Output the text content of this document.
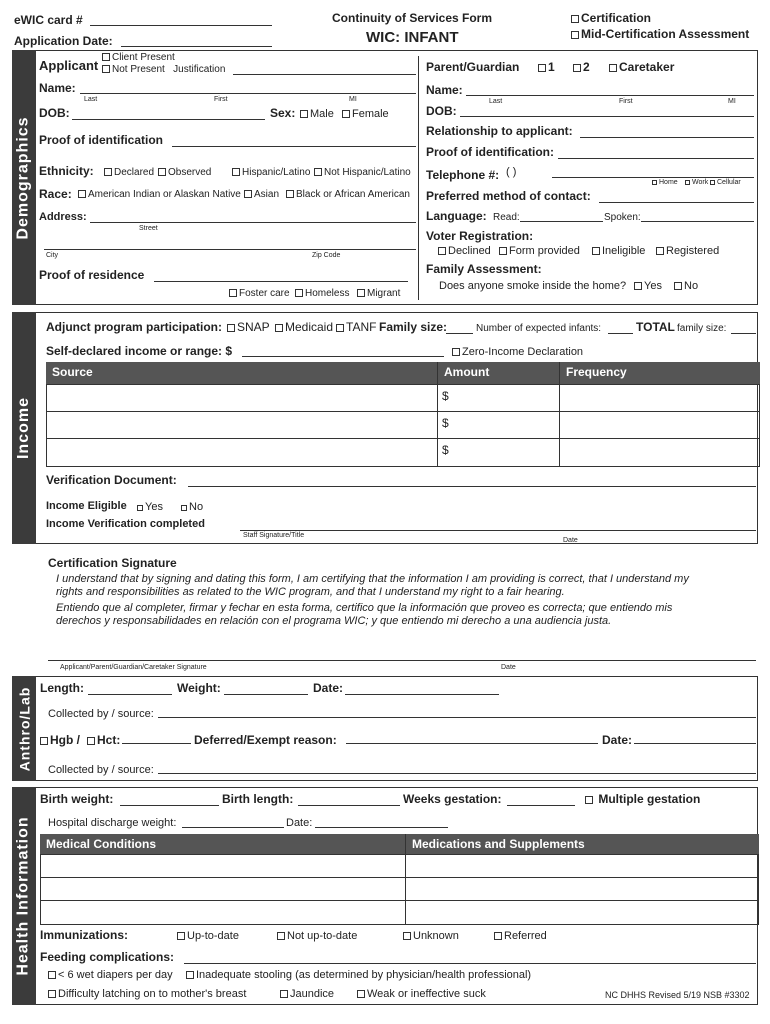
eWIC card #
Application Date:
Continuity of Services Form
WIC: INFANT
Certification
Mid-Certification Assessment
Demographics
Applicant
Client Present
Not Present Justification
Name:
Last	First	MI
DOB:	Sex:	Male	Female
Proof of identification
Ethnicity:	Declared	Observed	Hispanic/Latino	Not Hispanic/Latino
Race:	American Indian or Alaskan Native	Asian	Black or African American
Address:
Street
City	Zip Code
Proof of residence
Foster care	Homeless	Migrant
Parent/Guardian	1	2	Caretaker
Name:
Last	First	MI
DOB:
Relationship to applicant:
Proof of identification:
Telephone #: ( )
Home	Work	Cellular
Preferred method of contact:
Language: Read:	Spoken:
Voter Registration:
Declined	Form provided	Ineligible	Registered
Family Assessment:
Does anyone smoke inside the home?	Yes	No
Income
Adjunct program participation:	SNAP	Medicaid	TANF Family size:	Number of expected infants:	TOTAL family size:
Self-declared income or range: $	Zero-Income Declaration
Source	Amount	Frequency
$
$
$
Verification Document:
Income Eligible	Yes	No
Income Verification completed
Staff Signature/Title
Date
Certification Signature
I understand that by signing and dating this form, I am certifying that the information I am providing is correct, that I understand my rights and responsibilities as related to the WIC program, and that I understand my right to a fair hearing.
Entiendo que al completer, firmar y fechar en esta forma, certifico que la información que proveo es correcta; que entiendo mis derechos y responsabilidades en relación con el programa WIC; y que entiendo mi derecho a una audiencia justa.
Applicant/Parent/Guardian/Caretaker Signature	Date
Anthro/Lab Length:	Weight:	Date:
Collected by / source:
Hgb /	Hct:	Deferred/Exempt reason:	Date:
Collected by / source:
Health Information
Birth weight:	Birth length:	Weeks gestation:	Multiple gestation
Hospital discharge weight:	Date:
Medical Conditions	Medications and Supplements
Immunizations:	Up-to-date	Not up-to-date	Unknown	Referred
Feeding complications:
< 6 wet diapers per day	Inadequate stooling (as determined by physician/health professional)
Difficulty latching on to mother's breast	Jaundice	Weak or ineffective suck	NC DHHS Revised 5/19 NSB #3302
